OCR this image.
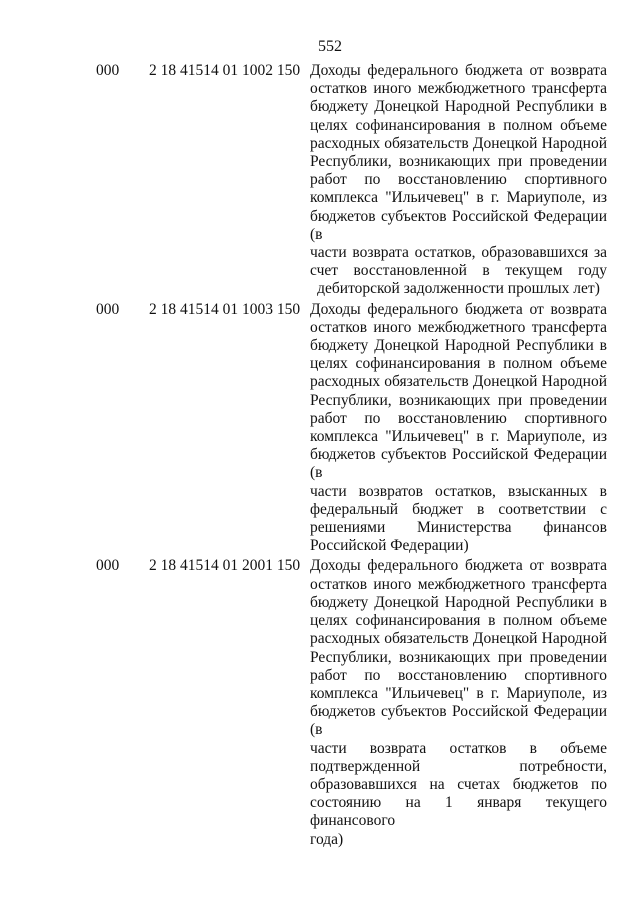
552
000 2 18 41514 01 1002 150 Доходы федерального бюджета от возврата
остатков иного межбюджетного трансферта
бюджету Донецкой Народной Республики в
целях софинансирования в полном объеме
расходных обязательств Донецкой Народной
Республики, возникающих при проведении
работ по восстановлению спортивного
комплекса "Ильичевец" в г. Мариуполе, из
бюджетов субъектов Российской Федерации (в
части возврата остатков, образовавшихся за
счет восстановленной в текущем году
дебиторской задолженности прошлых лет)
000 2 18 41514 01 1003 150 Доходы федерального бюджета от возврата
остатков иного межбюджетного трансферта
бюджету Донецкой Народной Республики в
целях софинансирования в полном объеме
расходных обязательств Донецкой Народной
Республики, возникающих при проведении
работ по восстановлению спортивного
комплекса "Ильичевец" в г. Мариуполе, из
бюджетов субъектов Российской Федерации (в
части возвратов остатков, взысканных в
федеральный бюджет в соответствии с
решениями Министерства финансов
Российской Федерации)
000 2 18 41514 01 2001 150 Доходы федерального бюджета от возврата
остатков иного межбюджетного трансферта
бюджету Донецкой Народной Республики в
целях софинансирования в полном объеме
расходных обязательств Донецкой Народной
Республики, возникающих при проведении
работ по восстановлению спортивного
комплекса "Ильичевец" в г. Мариуполе, из
бюджетов субъектов Российской Федерации (в
части возврата остатков в объеме
подтвержденной потребности,
образовавшихся на счетах бюджетов по
состоянию на 1 января текущего финансового
года)
